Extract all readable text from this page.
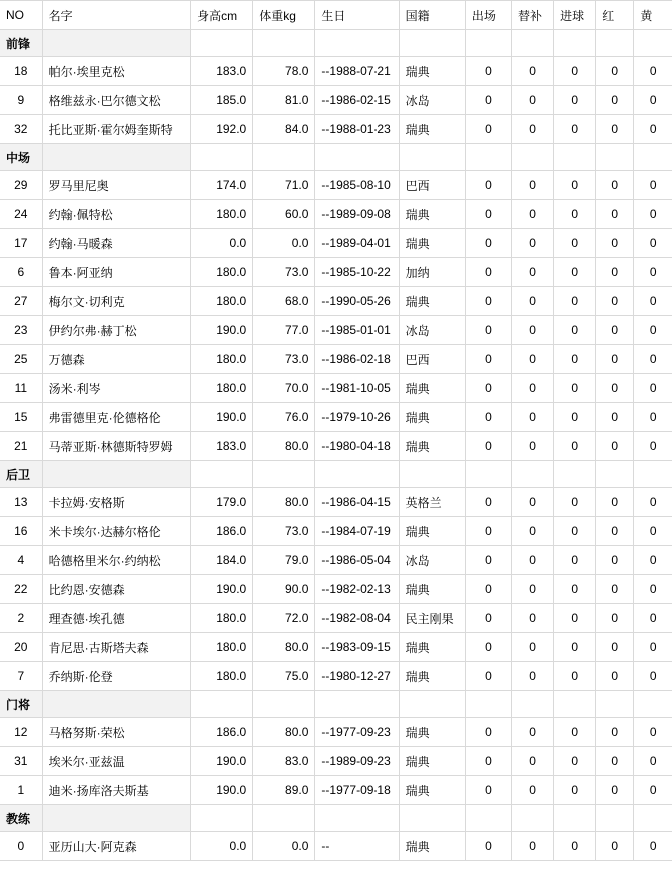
NO	名字	身高cm	体重kg	生日	国籍	出场	替补	进球	红	黄
前锋										
18	帕尔·埃里克松	183.0	78.0	--1988-07-21	瑞典	0	0	0	0	0
9	格维兹永·巴尔德文松	185.0	81.0	--1986-02-15	冰岛	0	0	0	0	0
32	托比亚斯·霍尔姆奎斯特	192.0	84.0	--1988-01-23	瑞典	0	0	0	0	0
中场										
29	罗马里尼奥	174.0	71.0	--1985-08-10	巴西	0	0	0	0	0
24	约翰·佩特松	180.0	60.0	--1989-09-08	瑞典	0	0	0	0	0
17	约翰·马暖森	0.0	0.0	--1989-04-01	瑞典	0	0	0	0	0
6	鲁本·阿亚纳	180.0	73.0	--1985-10-22	加纳	0	0	0	0	0
27	梅尔文·切利克	180.0	68.0	--1990-05-26	瑞典	0	0	0	0	0
23	伊约尔弗·赫丁松	190.0	77.0	--1985-01-01	冰岛	0	0	0	0	0
25	万德森	180.0	73.0	--1986-02-18	巴西	0	0	0	0	0
11	汤米·利岑	180.0	70.0	--1981-10-05	瑞典	0	0	0	0	0
15	弗雷德里克·伦德格伦	190.0	76.0	--1979-10-26	瑞典	0	0	0	0	0
21	马蒂亚斯·林德斯特罗姆	183.0	80.0	--1980-04-18	瑞典	0	0	0	0	0
后卫										
13	卡拉姆·安格斯	179.0	80.0	--1986-04-15	英格兰	0	0	0	0	0
16	米卡埃尔·达赫尔格伦	186.0	73.0	--1984-07-19	瑞典	0	0	0	0	0
4	哈德格里米尔·约纳松	184.0	79.0	--1986-05-04	冰岛	0	0	0	0	0
22	比约恩·安德森	190.0	90.0	--1982-02-13	瑞典	0	0	0	0	0
2	理查德·埃孔德	180.0	72.0	--1982-08-04	民主刚果	0	0	0	0	0
20	肯尼思·古斯塔夫森	180.0	80.0	--1983-09-15	瑞典	0	0	0	0	0
7	乔纳斯·伦登	180.0	75.0	--1980-12-27	瑞典	0	0	0	0	0
门将										
12	马格努斯·荣松	186.0	80.0	--1977-09-23	瑞典	0	0	0	0	0
31	埃米尔·亚兹温	190.0	83.0	--1989-09-23	瑞典	0	0	0	0	0
1	迪米·扬库洛夫斯基	190.0	89.0	--1977-09-18	瑞典	0	0	0	0	0
教练										
0	亚历山大·阿克森	0.0	0.0	--	瑞典	0	0	0	0	0
